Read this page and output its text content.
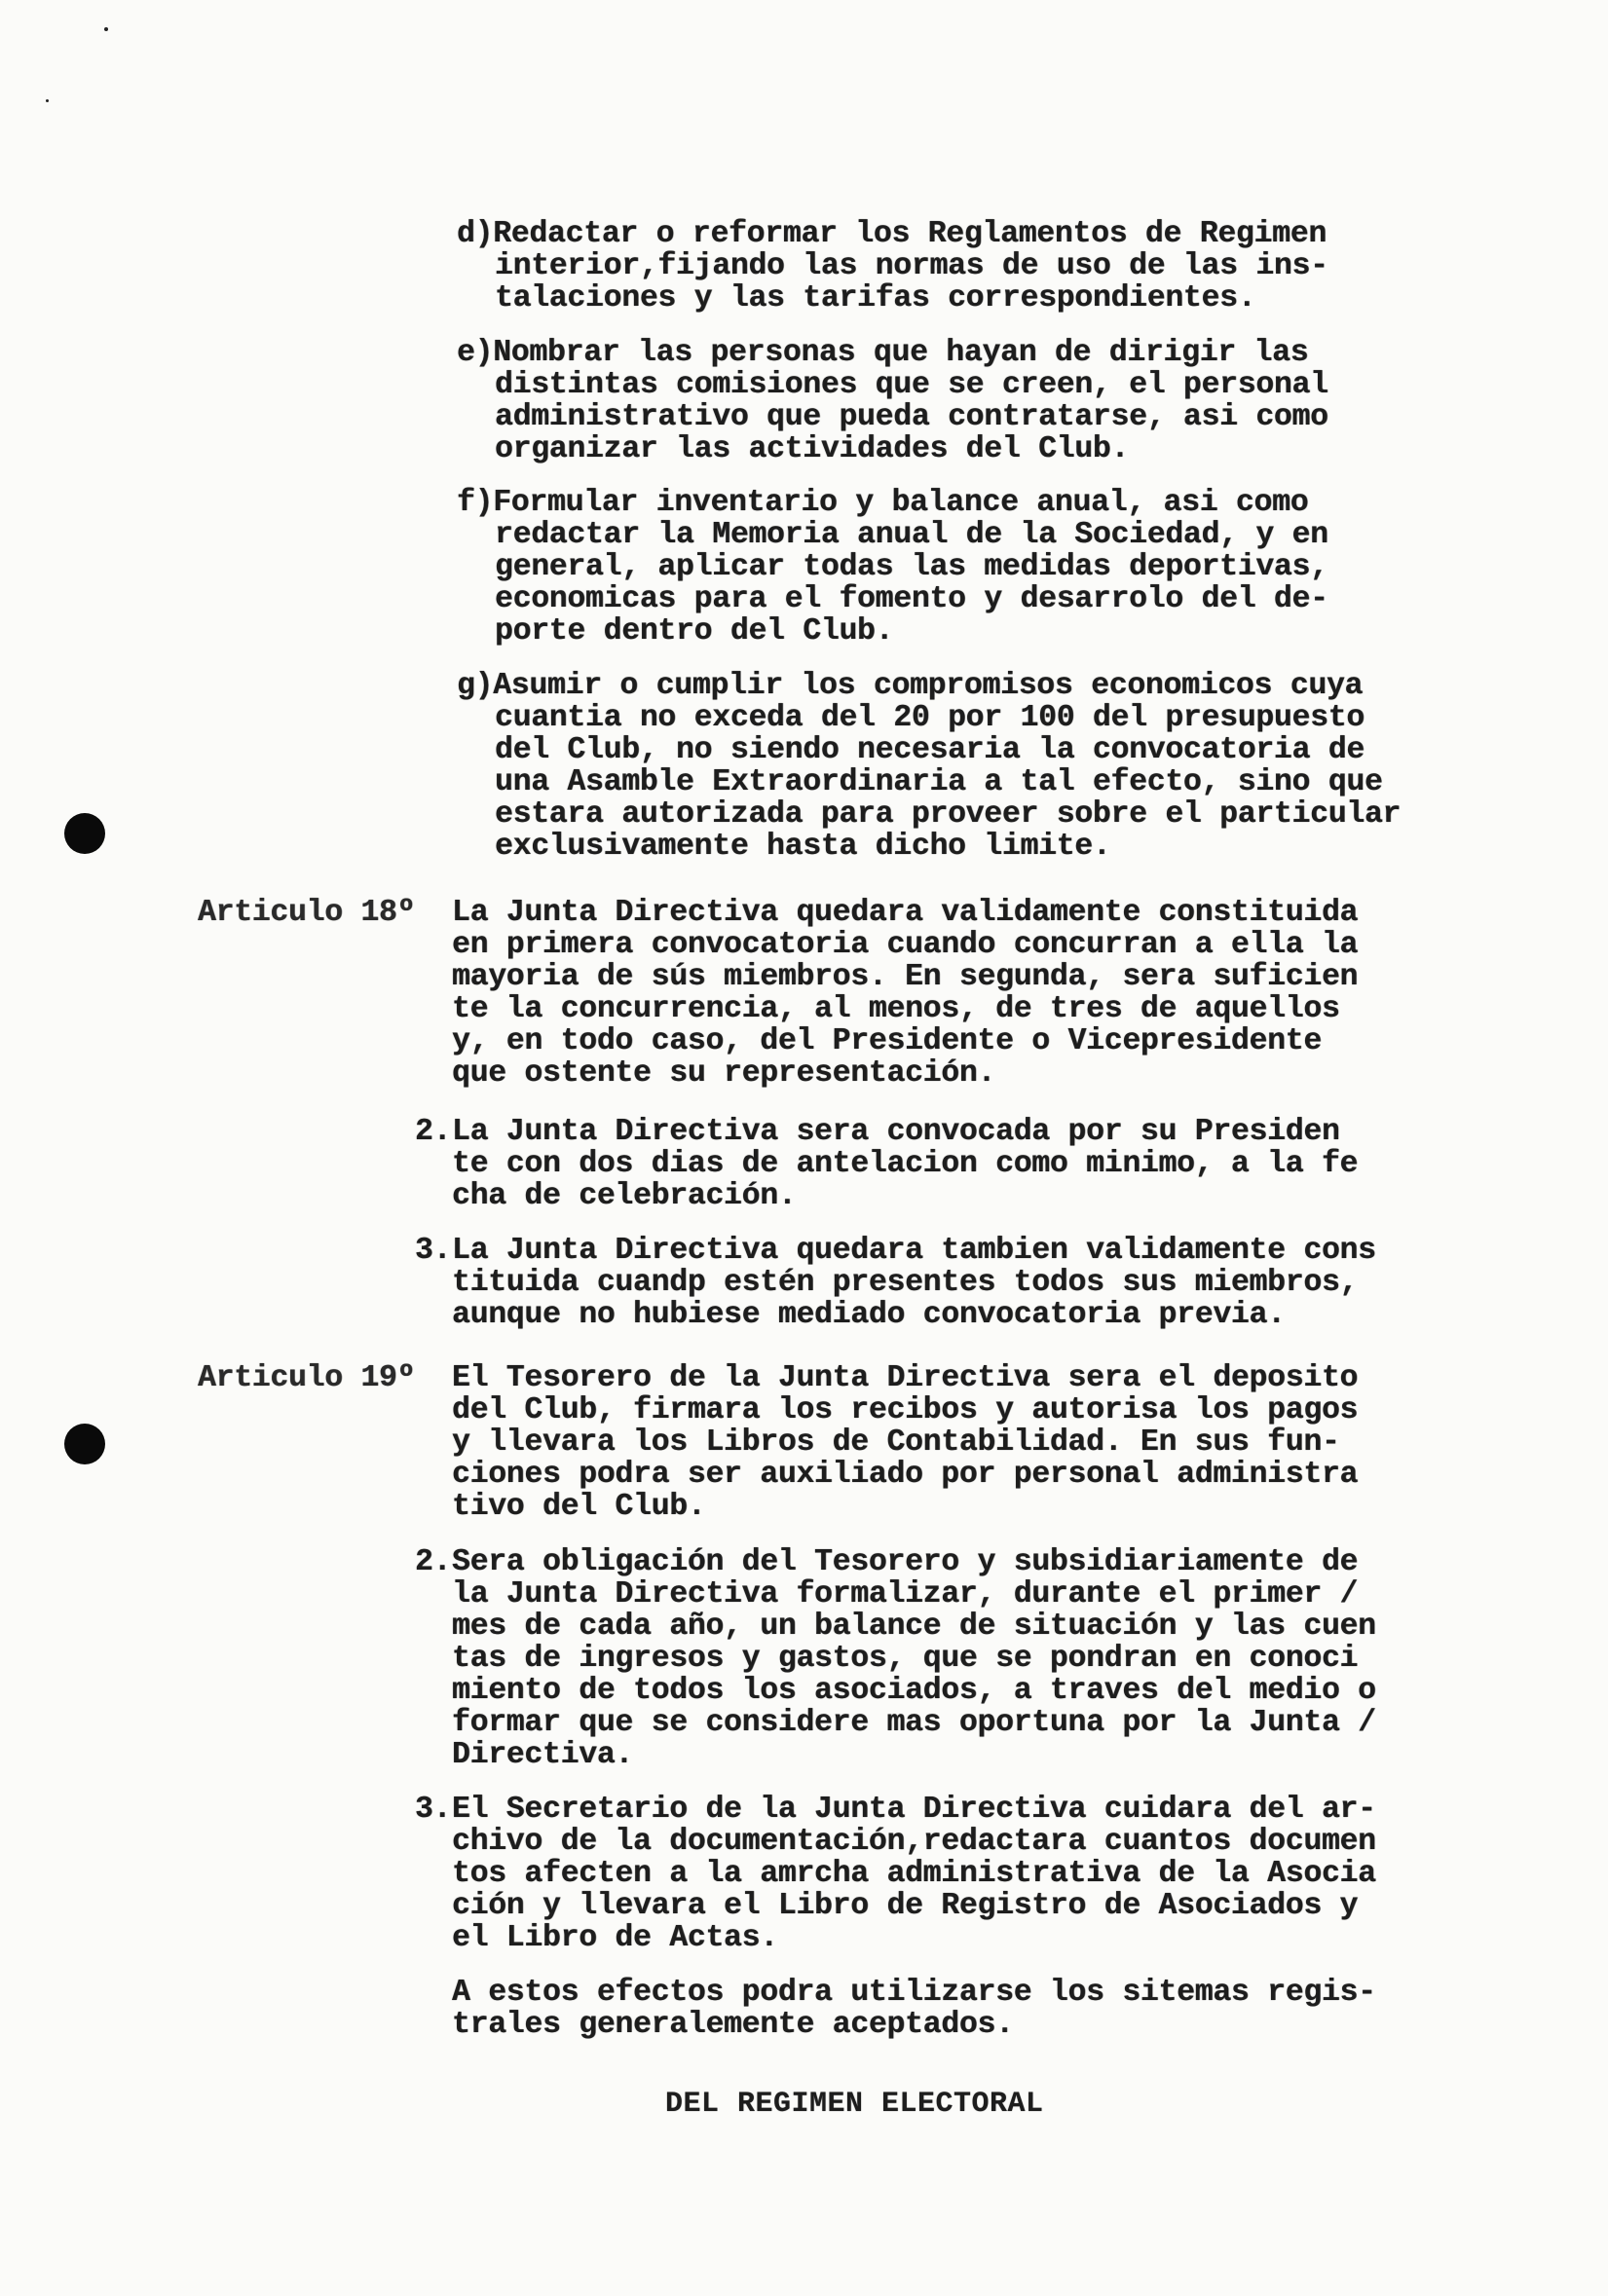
d)Redactar o reformar los Reglamentos de Regimen
interior,fijando las normas de uso de las ins-
talaciones y las tarifas correspondientes.
e)Nombrar las personas que hayan de dirigir las
distintas comisiones que se creen, el personal
administrativo que pueda contratarse, asi como
organizar las actividades del Club.
f)Formular inventario y balance anual, asi como
redactar la Memoria anual de la Sociedad, y en
general, aplicar todas las medidas deportivas,
economicas para el fomento y desarrolo del de-
porte dentro del Club.
g)Asumir o cumplir los compromisos economicos cuya
cuantia no exceda del 20 por 100 del presupuesto
del Club, no siendo necesaria la convocatoria de
una Asamble Extraordinaria a tal efecto, sino que
estara autorizada para proveer sobre el particular
exclusivamente hasta dicho limite.
Articulo 18º La Junta Directiva quedara validamente constituida
en primera convocatoria cuando concurran a ella la
mayoria de sús miembros. En segunda, sera suficien
te la concurrencia, al menos, de tres de aquellos
y, en todo caso, del Presidente o Vicepresidente
que ostente su representación.
2. La Junta Directiva sera convocada por su Presiden
te con dos dias de antelacion como minimo, a la fe
cha de celebración.
3. La Junta Directiva quedara tambien validamente cons
tituida cuandp estén presentes todos sus miembros,
aunque no hubiese mediado convocatoria previa.
Articulo 19º El Tesorero de la Junta Directiva sera el deposito
del Club, firmara los recibos y autorisa los pagos
y llevara los Libros de Contabilidad. En sus fun-
ciones podra ser auxiliado por personal administra
tivo del Club.
2. Sera obligación del Tesorero y subsidiariamente de
la Junta Directiva formalizar, durante el primer /
mes de cada año, un balance de situación y las cuen
tas de ingresos y gastos, que se pondran en conoci
miento de todos los asociados, a traves del medio o
formar que se considere mas oportuna por la Junta /
Directiva.
3. El Secretario de la Junta Directiva cuidara del ar-
chivo de la documentación,redactara cuantos documen
tos afecten a la amrcha administrativa de la Asocia
ción y llevara el Libro de Registro de Asociados y
el Libro de Actas.
A estos efectos podra utilizarse los sitemas regis-
trales generalemente aceptados.
DEL REGIMEN ELECTORAL
